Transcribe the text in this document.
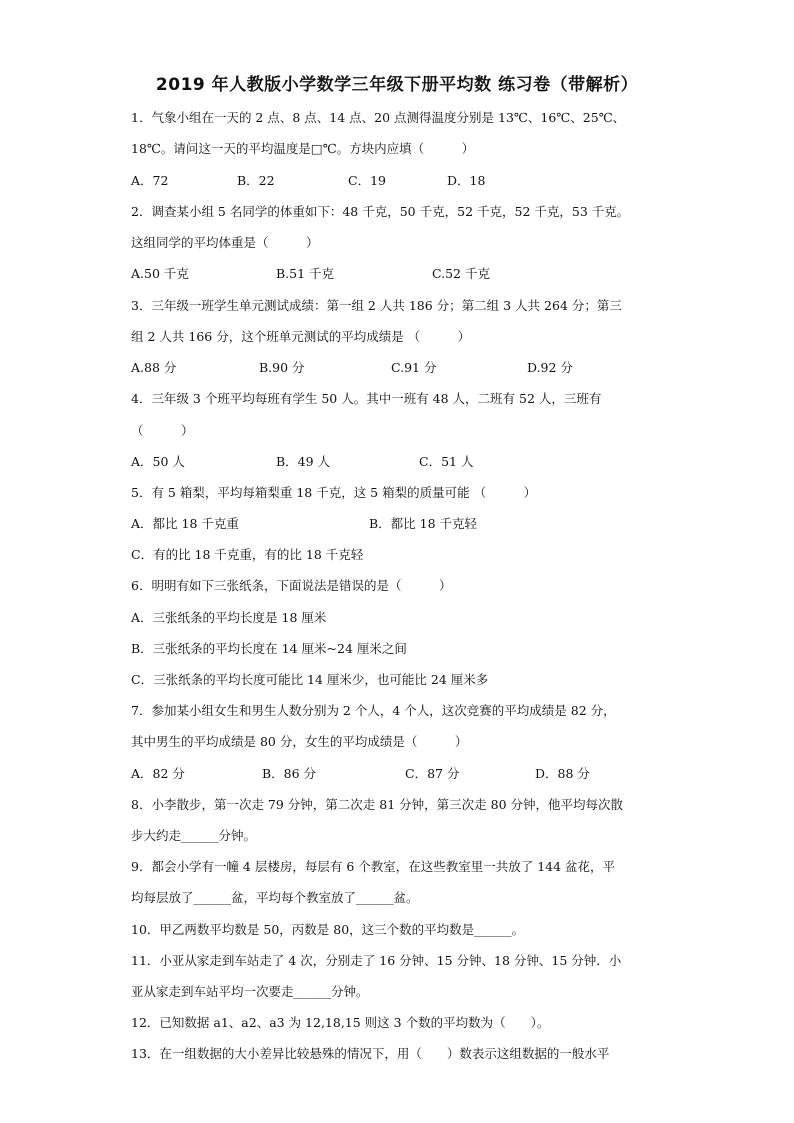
2019 年人教版小学数学三年级下册平均数 练习卷（带解析）
1．气象小组在一天的 2 点、8 点、14 点、20 点测得温度分别是 13℃、16℃、25℃、
18℃。请问这一天的平均温度是□℃。方块内应填（　　　）
A．72	B．22	C．19	D．18
2．调查某小组 5 名同学的体重如下：48 千克，50 千克，52 千克，52 千克，53 千克。
这组同学的平均体重是（　　　）
A.50 千克	B.51 千克	C.52 千克
3．三年级一班学生单元测试成绩：第一组 2 人共 186 分；第二组 3 人共 264 分；第三
组 2 人共 166 分，这个班单元测试的平均成绩是 （　　　）
A.88 分	B.90 分	C.91 分	D.92 分
4．三年级 3 个班平均每班有学生 50 人。其中一班有 48 人，二班有 52 人，三班有
（　　　）
A．50 人	B．49 人	C．51 人
5．有 5 箱梨，平均每箱梨重 18 千克，这 5 箱梨的质量可能 （　　　）
A．都比 18 千克重	B．都比 18 千克轻
C．有的比 18 千克重，有的比 18 千克轻
6．明明有如下三张纸条，下面说法是错误的是（　　　）
A．三张纸条的平均长度是 18 厘米
B．三张纸条的平均长度在 14 厘米~24 厘米之间
C．三张纸条的平均长度可能比 14 厘米少，也可能比 24 厘米多
7．参加某小组女生和男生人数分别为 2 个人，4 个人，这次竞赛的平均成绩是 82 分，
其中男生的平均成绩是 80 分，女生的平均成绩是（　　　）
A．82 分	B．86 分	C．87 分	D．88 分
8．小李散步，第一次走 79 分钟，第二次走 81 分钟，第三次走 80 分钟，他平均每次散
步大约走______分钟。
9．都会小学有一幢 4 层楼房，每层有 6 个教室，在这些教室里一共放了 144 盆花，平
均每层放了______盆，平均每个教室放了______盆。
10．甲乙两数平均数是 50，丙数是 80，这三个数的平均数是______。
11．小亚从家走到车站走了 4 次，分别走了 16 分钟、15 分钟、18 分钟、15 分钟．小
亚从家走到车站平均一次要走______分钟。
12．已知数据 a1、a2、a3 为 12,18,15 则这 3 个数的平均数为（　　）。
13．在一组数据的大小差异比较悬殊的情况下，用（　　）数表示这组数据的一般水平
